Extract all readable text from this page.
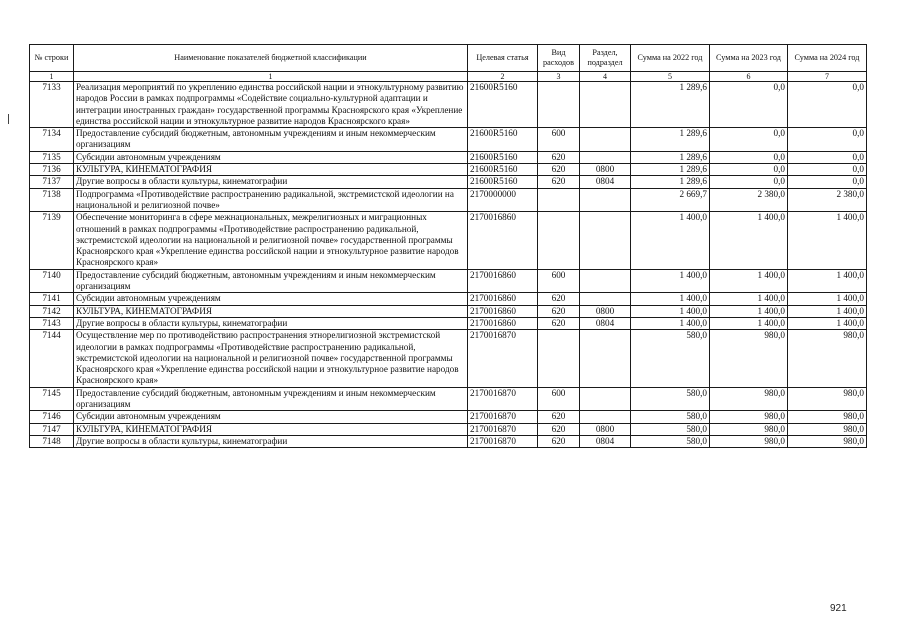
№ строки	Наименование показателей бюджетной классификации	Целевая статья	Вид расходов	Раздел, подраздел	Сумма на 2022 год	Сумма на 2023 год	Сумма на 2024 год
1	1	2	3	4	5	6	7
7133	Реализация мероприятий по укреплению единства российской нации и этнокультурному развитию народов России в рамках подпрограммы «Содействие социально-культурной адаптации и интеграции иностранных граждан» государственной программы Красноярского края «Укрепление единства российской нации и этнокультурное развитие народов Красноярского края»	21600R5160			1 289,6	0,0	0,0
7134	Предоставление субсидий бюджетным, автономным учреждениям и иным некоммерческим организациям	21600R5160	600		1 289,6	0,0	0,0
7135	Субсидии автономным учреждениям	21600R5160	620		1 289,6	0,0	0,0
7136	КУЛЬТУРА, КИНЕМАТОГРАФИЯ	21600R5160	620	0800	1 289,6	0,0	0,0
7137	Другие вопросы в области культуры, кинематографии	21600R5160	620	0804	1 289,6	0,0	0,0
7138	Подпрограмма «Противодействие распространению радикальной, экстремистской идеологии на национальной и религиозной почве»	2170000000			2 669,7	2 380,0	2 380,0
7139	Обеспечение мониторинга в сфере межнациональных, межрелигиозных и миграционных отношений в рамках подпрограммы «Противодействие распространению радикальной, экстремистской идеологии на национальной и религиозной почве» государственной программы Красноярского края «Укрепление единства российской нации и этнокультурное развитие народов Красноярского края»	2170016860			1 400,0	1 400,0	1 400,0
7140	Предоставление субсидий бюджетным, автономным учреждениям и иным некоммерческим организациям	2170016860	600		1 400,0	1 400,0	1 400,0
7141	Субсидии автономным учреждениям	2170016860	620		1 400,0	1 400,0	1 400,0
7142	КУЛЬТУРА, КИНЕМАТОГРАФИЯ	2170016860	620	0800	1 400,0	1 400,0	1 400,0
7143	Другие вопросы в области культуры, кинематографии	2170016860	620	0804	1 400,0	1 400,0	1 400,0
7144	Осуществление мер по противодействию распространения этнорелигиозной экстремистской идеологии в рамках подпрограммы «Противодействие распространению радикальной, экстремистской идеологии на национальной и религиозной почве» государственной программы Красноярского края «Укрепление единства российской нации и этнокультурное развитие народов Красноярского края»	2170016870			580,0	980,0	980,0
7145	Предоставление субсидий бюджетным, автономным учреждениям и иным некоммерческим организациям	2170016870	600		580,0	980,0	980,0
7146	Субсидии автономным учреждениям	2170016870	620		580,0	980,0	980,0
7147	КУЛЬТУРА, КИНЕМАТОГРАФИЯ	2170016870	620	0800	580,0	980,0	980,0
7148	Другие вопросы в области культуры, кинематографии	2170016870	620	0804	580,0	980,0	980,0
921
